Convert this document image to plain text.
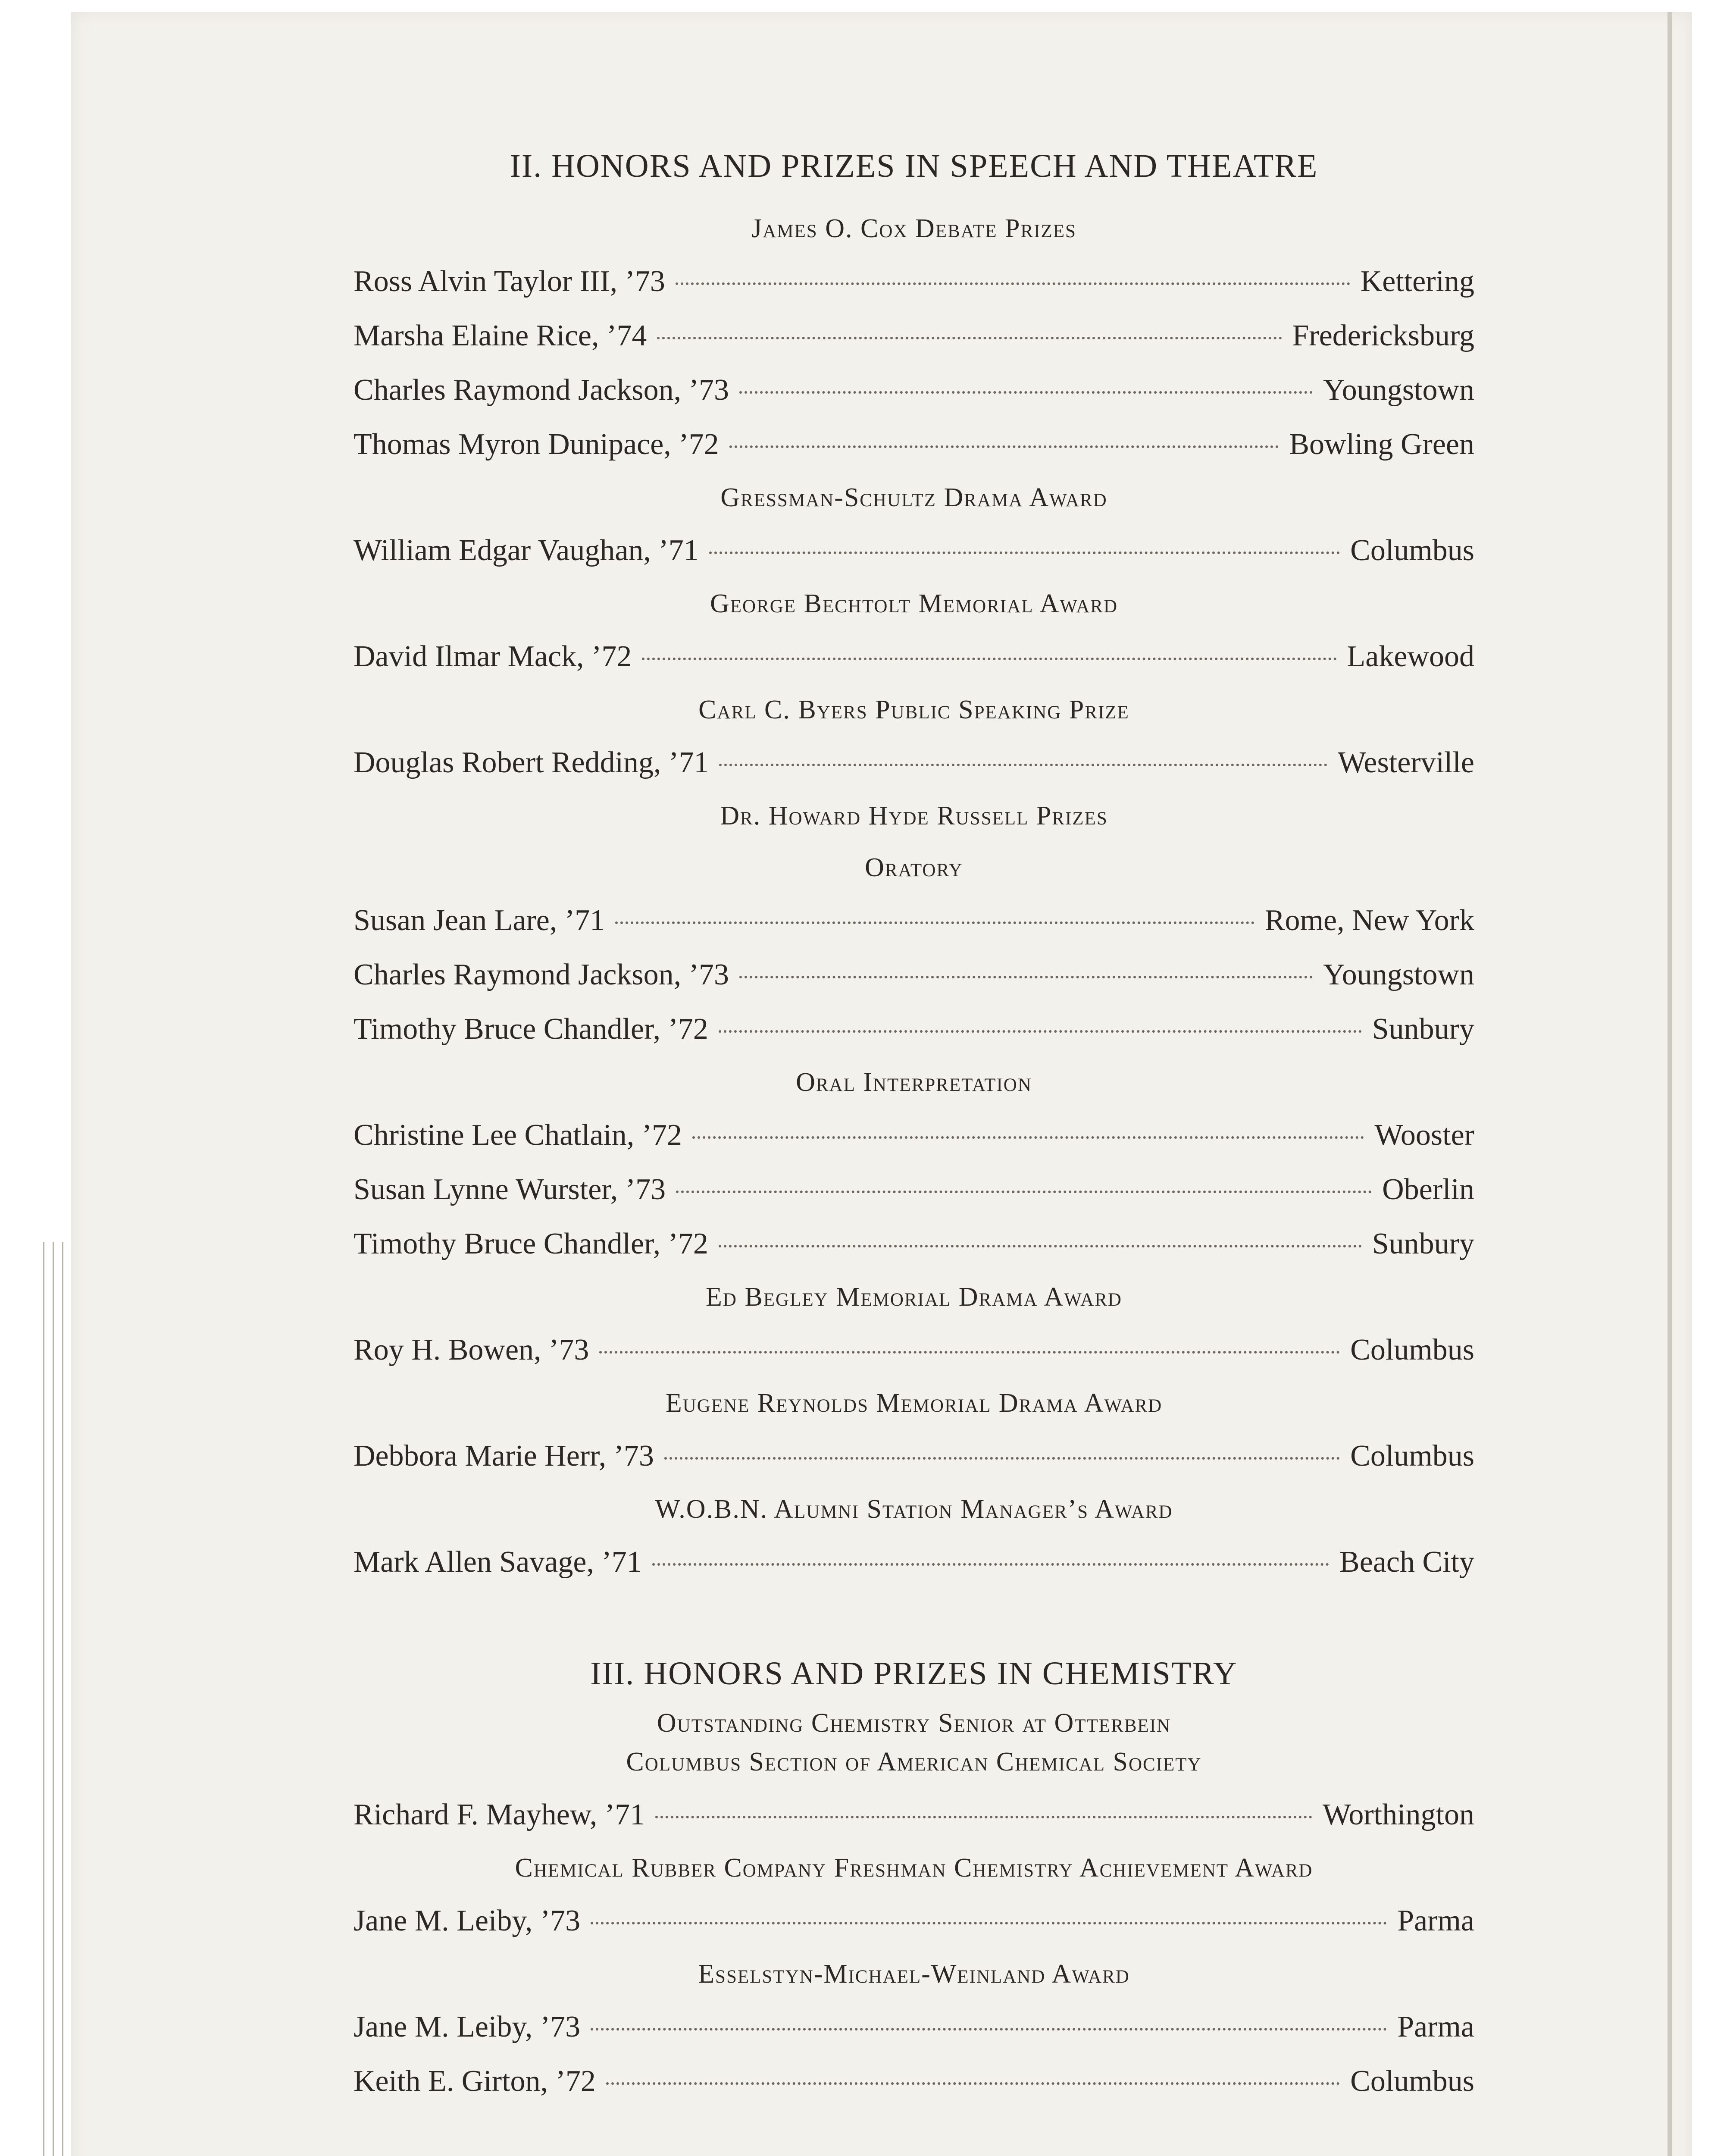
II. HONORS AND PRIZES IN SPEECH AND THEATRE
James O. Cox Debate Prizes
Ross Alvin Taylor III, ’73	Kettering
Marsha Elaine Rice, ’74	Fredericksburg
Charles Raymond Jackson, ’73	Youngstown
Thomas Myron Dunipace, ’72	Bowling Green
Gressman-Schultz Drama Award
William Edgar Vaughan, ’71	Columbus
George Bechtolt Memorial Award
David Ilmar Mack, ’72	Lakewood
Carl C. Byers Public Speaking Prize
Douglas Robert Redding, ’71	Westerville
Dr. Howard Hyde Russell Prizes
Oratory
Susan Jean Lare, ’71	Rome, New York
Charles Raymond Jackson, ’73	Youngstown
Timothy Bruce Chandler, ’72	Sunbury
Oral Interpretation
Christine Lee Chatlain, ’72	Wooster
Susan Lynne Wurster, ’73	Oberlin
Timothy Bruce Chandler, ’72	Sunbury
Ed Begley Memorial Drama Award
Roy H. Bowen, ’73	Columbus
Eugene Reynolds Memorial Drama Award
Debbora Marie Herr, ’73	Columbus
W.O.B.N. Alumni Station Manager’s Award
Mark Allen Savage, ’71	Beach City
III. HONORS AND PRIZES IN CHEMISTRY
Outstanding Chemistry Senior at Otterbein
Columbus Section of American Chemical Society
Richard F. Mayhew, ’71	Worthington
Chemical Rubber Company Freshman Chemistry Achievement Award
Jane M. Leiby, ’73	Parma
Esselstyn-Michael-Weinland Award
Jane M. Leiby, ’73	Parma
Keith E. Girton, ’72	Columbus
